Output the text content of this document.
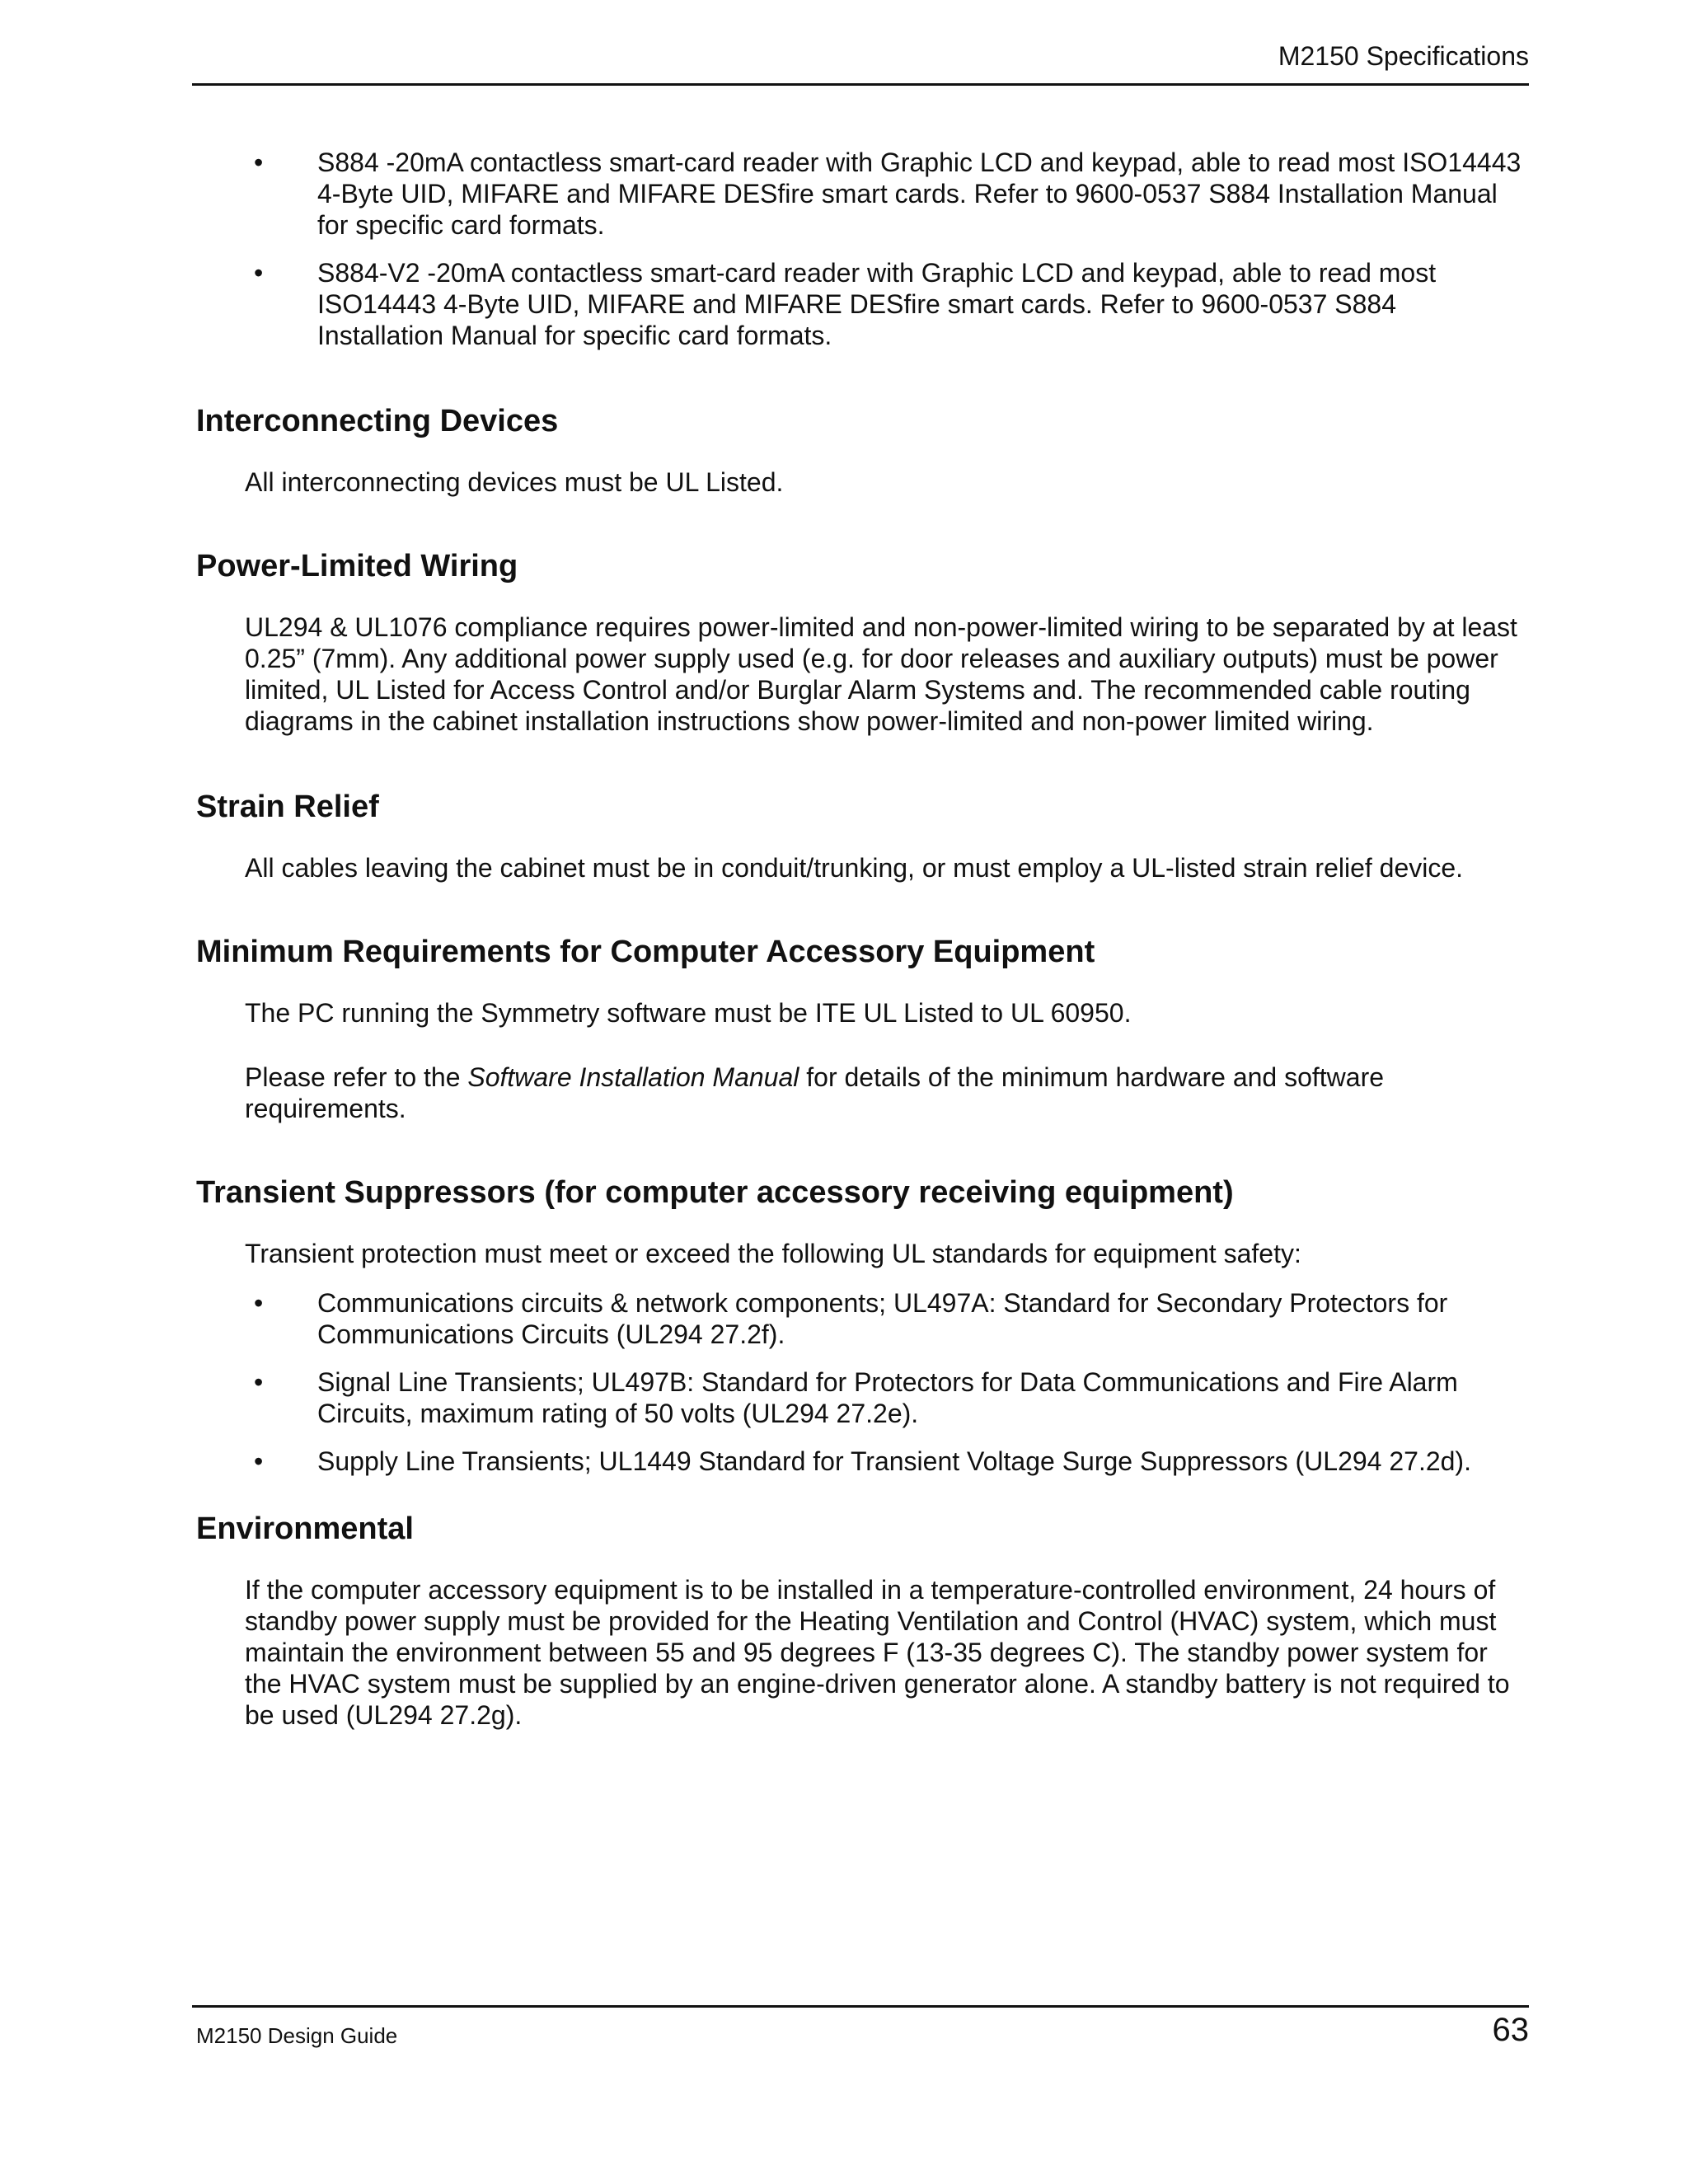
M2150 Specifications
• S884 -20mA contactless smart-card reader with Graphic LCD and keypad, able to read most ISO14443 4-Byte UID, MIFARE and MIFARE DESfire smart cards. Refer to 9600-0537 S884 Installation Manual for specific card formats.
• S884-V2 -20mA contactless smart-card reader with Graphic LCD and keypad, able to read most ISO14443 4-Byte UID, MIFARE and MIFARE DESfire smart cards. Refer to 9600-0537 S884 Installation Manual for specific card formats.
Interconnecting Devices

All interconnecting devices must be UL Listed.

Power-Limited Wiring

UL294 & UL1076 compliance requires power-limited and non-power-limited wiring to be separated by at least 0.25” (7mm). Any additional power supply used (e.g. for door releases and auxiliary outputs) must be power limited, UL Listed for Access Control and/or Burglar Alarm Systems and. The recommended cable routing diagrams in the cabinet installation instructions show power-limited and non-power limited wiring.

Strain Relief

All cables leaving the cabinet must be in conduit/trunking, or must employ a UL-listed strain relief device.

Minimum Requirements for Computer Accessory Equipment

The PC running the Symmetry software must be ITE UL Listed to UL 60950.

Please refer to the Software Installation Manual for details of the minimum hardware and software requirements.

Transient Suppressors (for computer accessory receiving equipment)

Transient protection must meet or exceed the following UL standards for equipment safety:

• Communications circuits & network components; UL497A: Standard for Secondary Protectors for Communications Circuits (UL294 27.2f).
• Signal Line Transients; UL497B: Standard for Protectors for Data Communications and Fire Alarm Circuits, maximum rating of 50 volts (UL294 27.2e).
• Supply Line Transients; UL1449 Standard for Transient Voltage Surge Suppressors (UL294 27.2d).
Environmental

If the computer accessory equipment is to be installed in a temperature-controlled environment, 24 hours of standby power supply must be provided for the Heating Ventilation and Control (HVAC) system, which must maintain the environment between 55 and 95 degrees F (13-35 degrees C). The standby power system for the HVAC system must be supplied by an engine-driven generator alone. A standby battery is not required to be used (UL294 27.2g).

M2150 Design Guide	63
